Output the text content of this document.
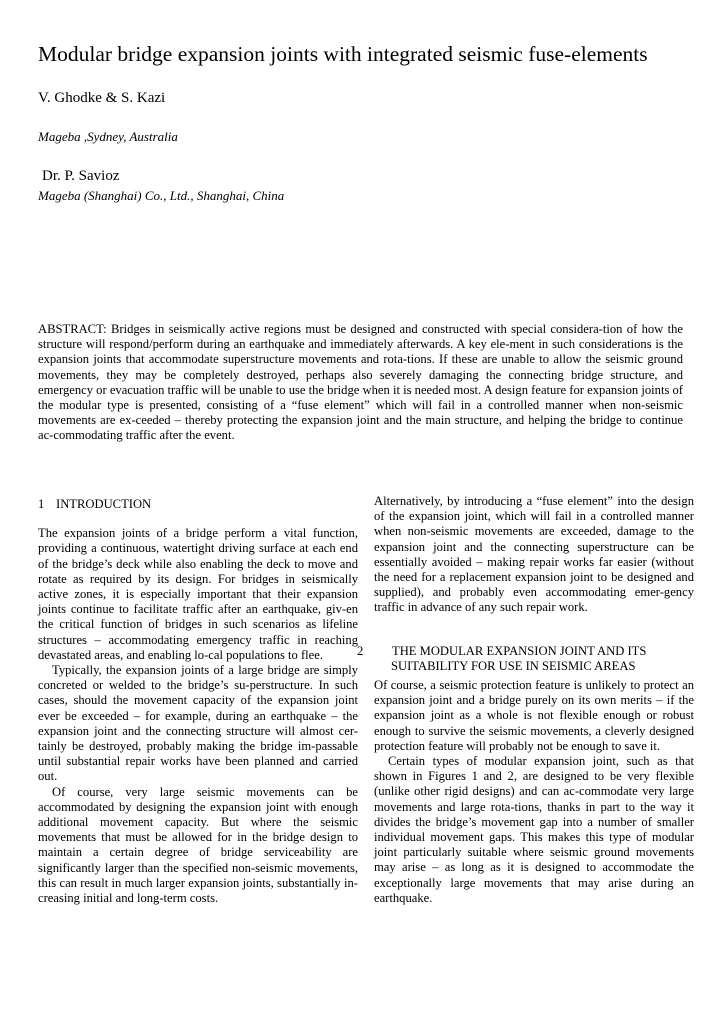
Modular bridge expansion joints with integrated seismic fuse-elements
V. Ghodke & S. Kazi
Mageba ,Sydney, Australia
Dr. P. Savioz
Mageba (Shanghai) Co., Ltd., Shanghai, China
ABSTRACT: Bridges in seismically active regions must be designed and constructed with special considera-tion of how the structure will respond/perform during an earthquake and immediately afterwards. A key ele-ment in such considerations is the expansion joints that accommodate superstructure movements and rota-tions. If these are unable to allow the seismic ground movements, they may be completely destroyed, perhaps also severely damaging the connecting bridge structure, and emergency or evacuation traffic will be unable to use the bridge when it is needed most. A design feature for expansion joints of the modular type is presented, consisting of a “fuse element” which will fail in a controlled manner when non-seismic movements are ex-ceeded – thereby protecting the expansion joint and the main structure, and helping the bridge to continue ac-commodating traffic after the event.
1 INTRODUCTION

The expansion joints of a bridge perform a vital function, providing a continuous, watertight driving surface at each end of the bridge’s deck while also enabling the deck to move and rotate as required by its design. For bridges in seismically active zones, it is especially important that their expansion joints continue to facilitate traffic after an earthquake, giv-en the critical function of bridges in such scenarios as lifeline structures – accommodating emergency traffic in reaching devastated areas, and enabling lo-cal populations to flee.

Typically, the expansion joints of a large bridge are simply concreted or welded to the bridge’s su-perstructure. In such cases, should the movement capacity of the expansion joint ever be exceeded – for example, during an earthquake – the expansion joint and the connecting structure will almost cer-tainly be destroyed, probably making the bridge im-passable until substantial repair works have been planned and carried out.

Of course, very large seismic movements can be accommodated by designing the expansion joint with enough additional movement capacity. But where the seismic movements that must be allowed for in the bridge design to maintain a certain degree of bridge serviceability are significantly larger than the specified non-seismic movements, this can result in much larger expansion joints, substantially in- creasing initial and long-term costs.

Alternatively, by introducing a “fuse element” into the design of the expansion joint, which will fail in a controlled manner when non-seismic movements are exceeded, damage to the expansion joint and the connecting superstructure can be essentially avoided – making repair works far easier (without the need for a replacement expansion joint to be designed and supplied), and probably even accommodating emer-gency traffic in advance of any such repair work.

2 THE MODULAR EXPANSION JOINT AND ITS SUITABILITY FOR USE IN SEISMIC AREAS

Of course, a seismic protection feature is unlikely to protect an expansion joint and a bridge purely on its own merits – if the expansion joint as a whole is not flexible enough or robust enough to survive the seismic movements, a cleverly designed protection feature will probably not be enough to save it.

Certain types of modular expansion joint, such as that shown in Figures 1 and 2, are designed to be very flexible (unlike other rigid designs) and can ac-commodate very large movements and large rota-tions, thanks in part to the way it divides the bridge’s movement gap into a number of smaller individual movement gaps. This makes this type of modular joint particularly suitable where seismic ground movements may arise – as long as it is designed to accommodate the exceptionally large movements that may arise during an earthquake.
